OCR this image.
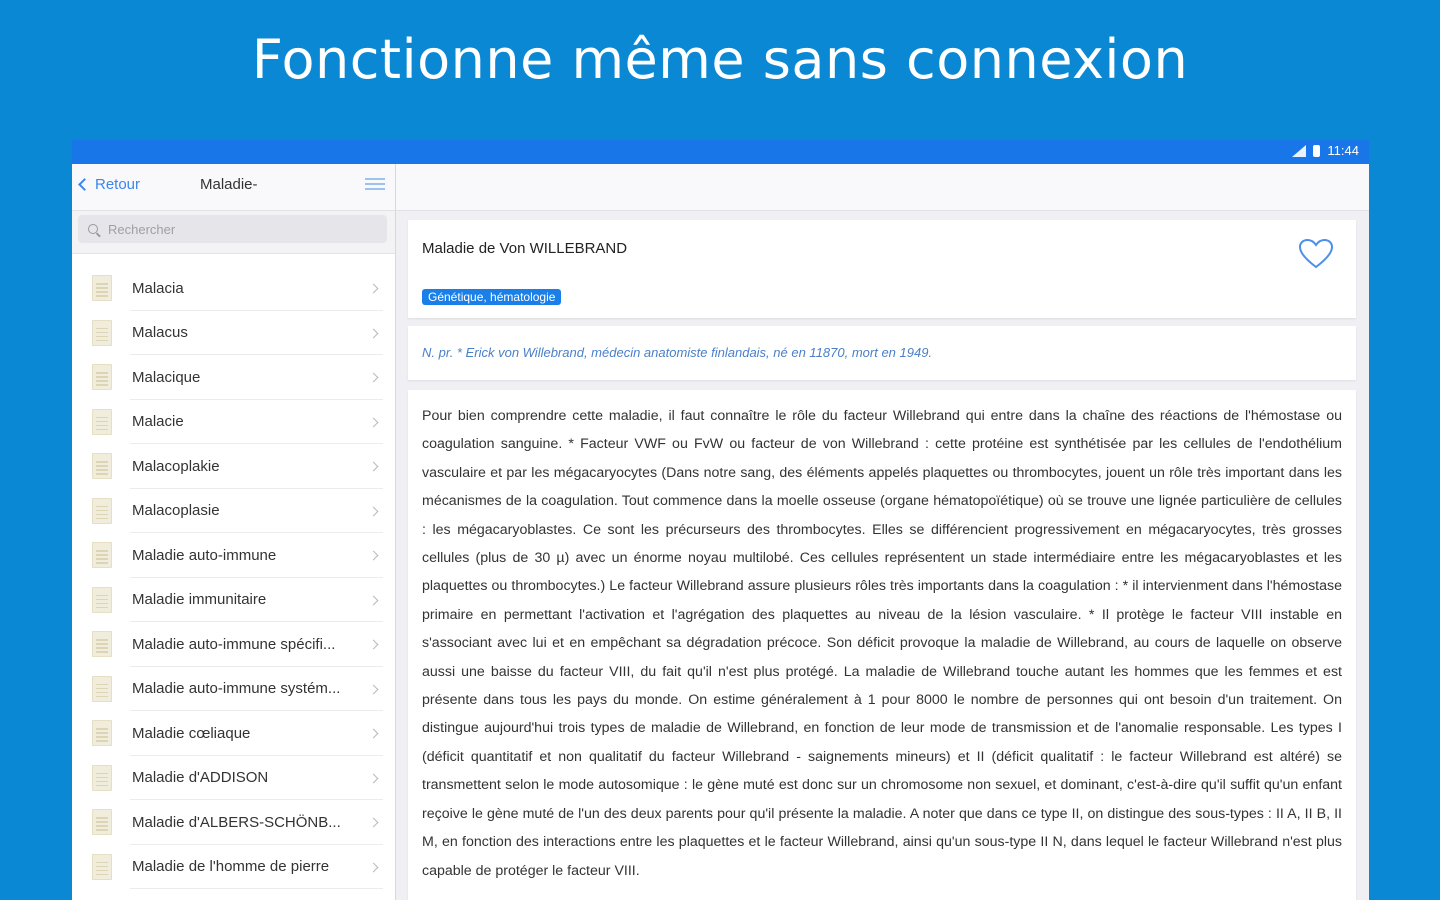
Fonctionne même sans connexion
11:44
Retour	Maladie-
Rechercher
Malacia
Malacus
Malacique
Malacie
Malacoplakie
Malacoplasie
Maladie auto-immune
Maladie immunitaire
Maladie auto-immune spécifi...
Maladie auto-immune systém...
Maladie cœliaque
Maladie d'ADDISON
Maladie d'ALBERS-SCHÖNB...
Maladie de l'homme de pierre
Maladie de Von WILLEBRAND
Génétique, hématologie
N. pr. * Erick von Willebrand, médecin anatomiste finlandais, né en 11870, mort en 1949.
Pour bien comprendre cette maladie, il faut connaître le rôle du facteur Willebrand qui entre dans la chaîne des réactions de l'hémostase ou coagulation sanguine. * Facteur VWF ou FvW ou facteur de von Willebrand : cette protéine est synthétisée par les cellules de l'endothélium vasculaire et par les mégacaryocytes (Dans notre sang, des éléments appelés plaquettes ou thrombocytes, jouent un rôle très important dans les mécanismes de la coagulation. Tout commence dans la moelle osseuse (organe hématopoïétique) où se trouve une lignée particulière de cellules : les mégacaryoblastes. Ce sont les précurseurs des thrombocytes. Elles se différencient progressivement en mégacaryocytes, très grosses cellules (plus de 30 µ) avec un énorme noyau multilobé. Ces cellules représentent un stade intermédiaire entre les mégacaryoblastes et les plaquettes ou thrombocytes.) Le facteur Willebrand assure plusieurs rôles très importants dans la coagulation : * il intervienment dans l'hémostase primaire en permettant l'activation et l'agrégation des plaquettes au niveau de la lésion vasculaire. * Il protège le facteur VIII instable en s'associant avec lui et en empêchant sa dégradation précoce. Son déficit provoque la maladie de Willebrand, au cours de laquelle on observe aussi une baisse du facteur VIII, du fait qu'il n'est plus protégé. La maladie de Willebrand touche autant les hommes que les femmes et est présente dans tous les pays du monde. On estime généralement à 1 pour 8000 le nombre de personnes qui ont besoin d'un traitement. On distingue aujourd'hui trois types de maladie de Willebrand, en fonction de leur mode de transmission et de l'anomalie responsable. Les types I (déficit quantitatif et non qualitatif du facteur Willebrand - saignements mineurs) et II (déficit qualitatif : le facteur Willebrand est altéré) se transmettent selon le mode autosomique : le gène muté est donc sur un chromosome non sexuel, et dominant, c'est-à-dire qu'il suffit qu'un enfant reçoive le gène muté de l'un des deux parents pour qu'il présente la maladie. A noter que dans ce type II, on distingue des sous-types : II A, II B, II M, en fonction des interactions entre les plaquettes et le facteur Willebrand, ainsi qu'un sous-type II N, dans lequel le facteur Willebrand n'est plus capable de protéger le facteur VIII.
